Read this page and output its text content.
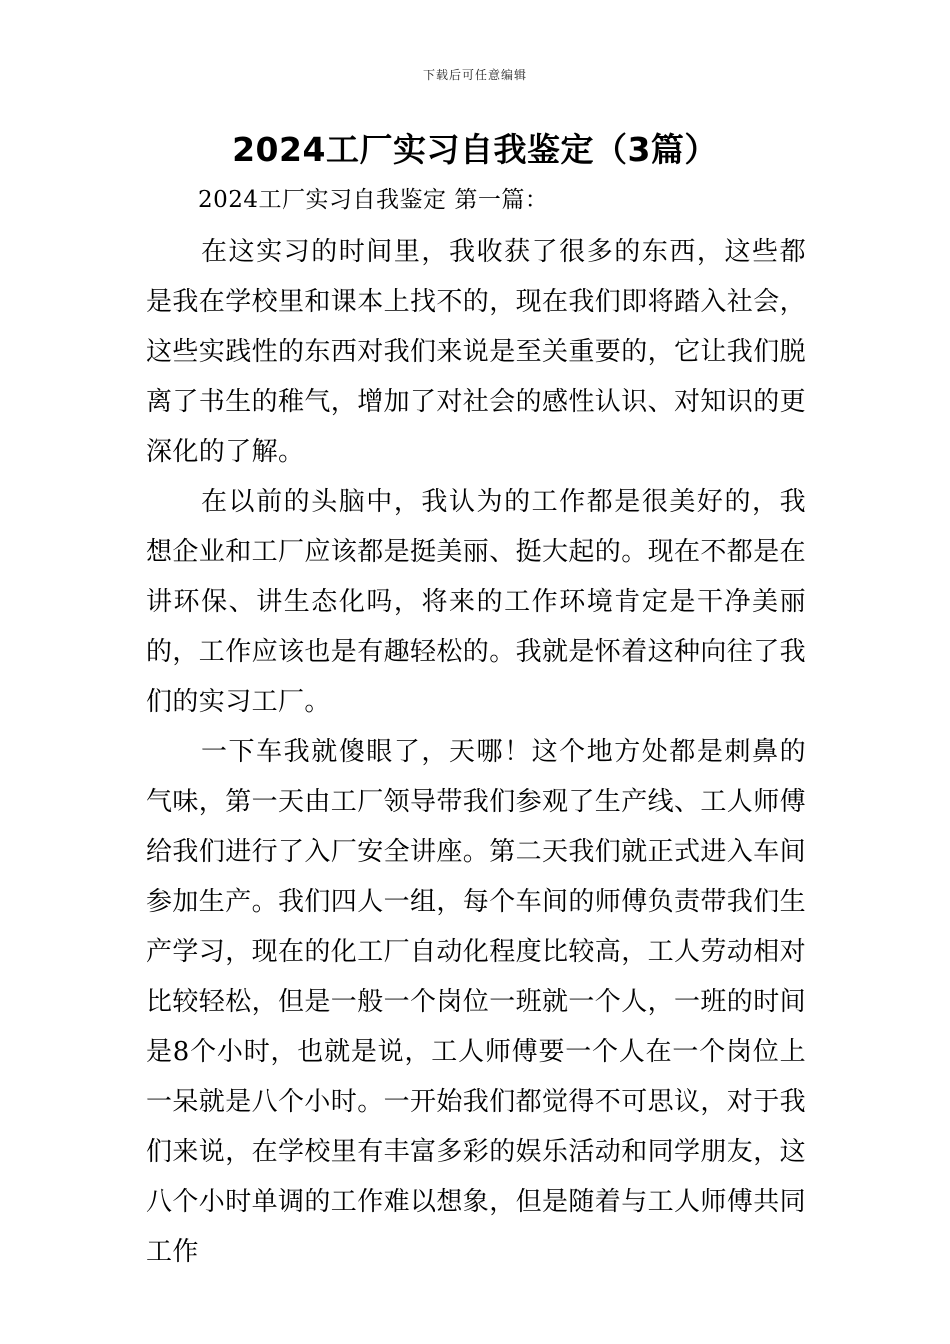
下载后可任意编辑
2024工厂实习自我鉴定（3篇）

2024工厂实习自我鉴定 第一篇：

在这实习的时间里，我收获了很多的东西，这些都是我在学校里和课本上找不的，现在我们即将踏入社会，这些实践性的东西对我们来说是至关重要的，它让我们脱离了书生的稚气，增加了对社会的感性认识、对知识的更深化的了解。

在以前的头脑中，我认为的工作都是很美好的，我想企业和工厂应该都是挺美丽、挺大起的。现在不都是在讲环保、讲生态化吗，将来的工作环境肯定是干净美丽的，工作应该也是有趣轻松的。我就是怀着这种向往了我们的实习工厂。

一下车我就傻眼了，天哪！这个地方处都是刺鼻的气味，第一天由工厂领导带我们参观了生产线、工人师傅给我们进行了入厂安全讲座。第二天我们就正式进入车间参加生产。我们四人一组，每个车间的师傅负责带我们生产学习，现在的化工厂自动化程度比较高，工人劳动相对比较轻松，但是一般一个岗位一班就一个人，一班的时间是8个小时，也就是说，工人师傅要一个人在一个岗位上一呆就是八个小时。一开始我们都觉得不可思议，对于我们来说，在学校里有丰富多彩的娱乐活动和同学朋友，这八个小时单调的工作难以想象，但是随着与工人师傅共同工作
